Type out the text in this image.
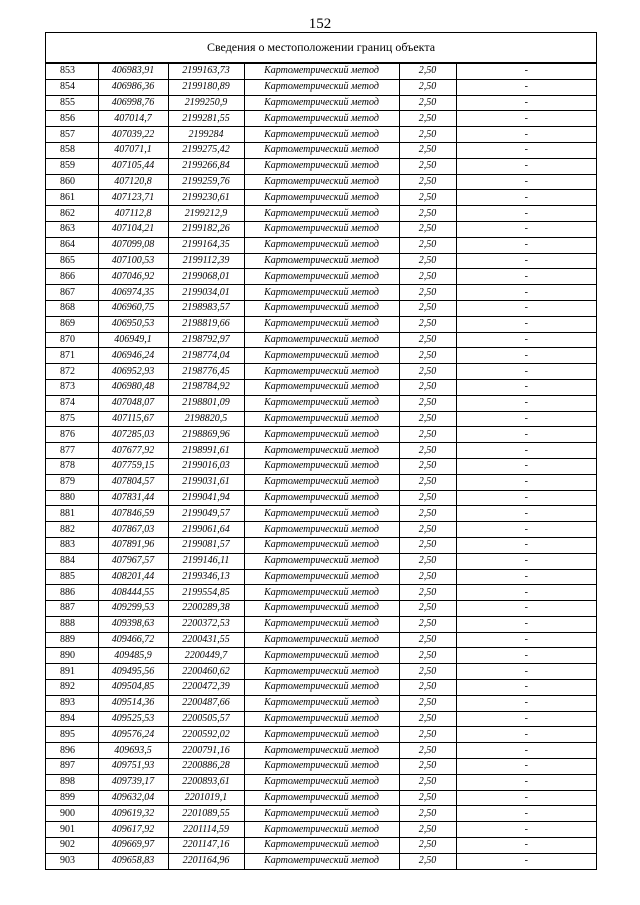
152
Сведения о местоположении границ объекта
853	406983,91	2199163,73	Картометрический метод	2,50	-
854	406986,36	2199180,89	Картометрический метод	2,50	-
855	406998,76	2199250,9	Картометрический метод	2,50	-
856	407014,7	2199281,55	Картометрический метод	2,50	-
857	407039,22	2199284	Картометрический метод	2,50	-
858	407071,1	2199275,42	Картометрический метод	2,50	-
859	407105,44	2199266,84	Картометрический метод	2,50	-
860	407120,8	2199259,76	Картометрический метод	2,50	-
861	407123,71	2199230,61	Картометрический метод	2,50	-
862	407112,8	2199212,9	Картометрический метод	2,50	-
863	407104,21	2199182,26	Картометрический метод	2,50	-
864	407099,08	2199164,35	Картометрический метод	2,50	-
865	407100,53	2199112,39	Картометрический метод	2,50	-
866	407046,92	2199068,01	Картометрический метод	2,50	-
867	406974,35	2199034,01	Картометрический метод	2,50	-
868	406960,75	2198983,57	Картометрический метод	2,50	-
869	406950,53	2198819,66	Картометрический метод	2,50	-
870	406949,1	2198792,97	Картометрический метод	2,50	-
871	406946,24	2198774,04	Картометрический метод	2,50	-
872	406952,93	2198776,45	Картометрический метод	2,50	-
873	406980,48	2198784,92	Картометрический метод	2,50	-
874	407048,07	2198801,09	Картометрический метод	2,50	-
875	407115,67	2198820,5	Картометрический метод	2,50	-
876	407285,03	2198869,96	Картометрический метод	2,50	-
877	407677,92	2198991,61	Картометрический метод	2,50	-
878	407759,15	2199016,03	Картометрический метод	2,50	-
879	407804,57	2199031,61	Картометрический метод	2,50	-
880	407831,44	2199041,94	Картометрический метод	2,50	-
881	407846,59	2199049,57	Картометрический метод	2,50	-
882	407867,03	2199061,64	Картометрический метод	2,50	-
883	407891,96	2199081,57	Картометрический метод	2,50	-
884	407967,57	2199146,11	Картометрический метод	2,50	-
885	408201,44	2199346,13	Картометрический метод	2,50	-
886	408444,55	2199554,85	Картометрический метод	2,50	-
887	409299,53	2200289,38	Картометрический метод	2,50	-
888	409398,63	2200372,53	Картометрический метод	2,50	-
889	409466,72	2200431,55	Картометрический метод	2,50	-
890	409485,9	2200449,7	Картометрический метод	2,50	-
891	409495,56	2200460,62	Картометрический метод	2,50	-
892	409504,85	2200472,39	Картометрический метод	2,50	-
893	409514,36	2200487,66	Картометрический метод	2,50	-
894	409525,53	2200505,57	Картометрический метод	2,50	-
895	409576,24	2200592,02	Картометрический метод	2,50	-
896	409693,5	2200791,16	Картометрический метод	2,50	-
897	409751,93	2200886,28	Картометрический метод	2,50	-
898	409739,17	2200893,61	Картометрический метод	2,50	-
899	409632,04	2201019,1	Картометрический метод	2,50	-
900	409619,32	2201089,55	Картометрический метод	2,50	-
901	409617,92	2201114,59	Картометрический метод	2,50	-
902	409669,97	2201147,16	Картометрический метод	2,50	-
903	409658,83	2201164,96	Картометрический метод	2,50	-
